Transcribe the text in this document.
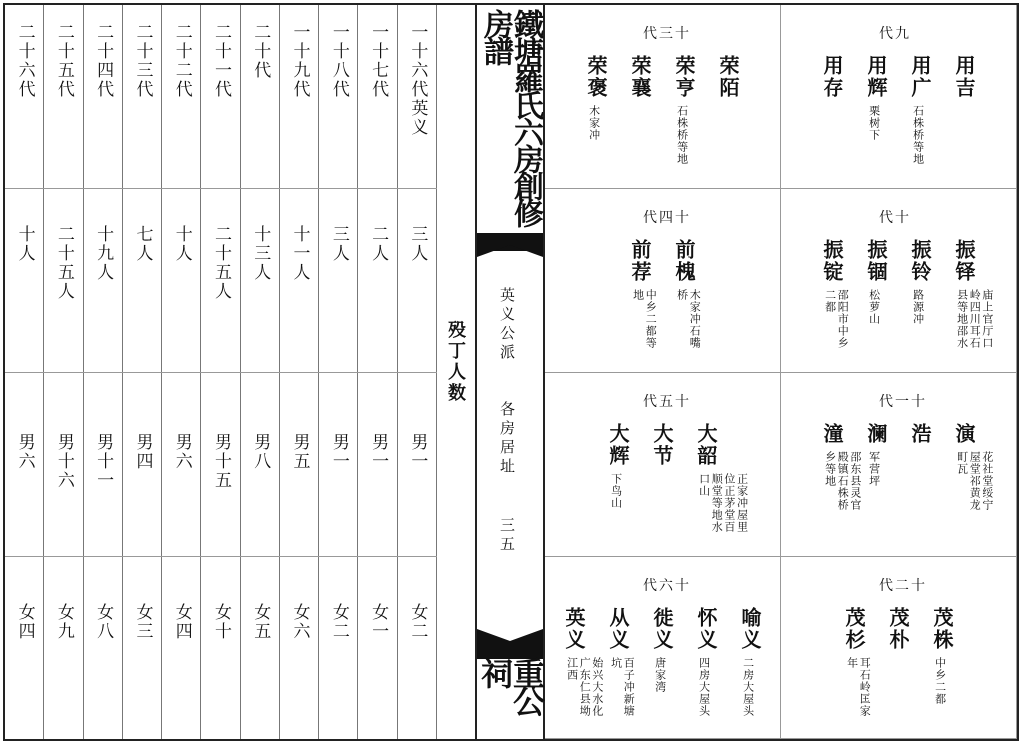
一十六代英义
三人
男一
女二
一十七代
二人
男一
女一
一十八代
三人
男一
女二
一十九代
十一人
男五
女六
二十代
十三人
男八
女五
二十一代
二十五人
男十五
女十
二十二代
十人
男六
女四
二十三代
七人
男四
女三
二十四代
十九人
男十一
女八
二十五代
二十五人
男十六
女九
二十六代
十人
男六
女四
殁丁人数
鐵塘羅氏六房創修房譜
英义公派
各房居址
三五
重公祠
代九
用吉
用广
石株桥等地
用辉
栗树下
用存
代三十
荣陌
荣亨
石株桥等地
荣襄
荣褒
木家冲
代十
振铎
庙上官厅口岭四川耳石县等地邵水
振铃
路源冲
振锢
松萝山
振锭
邵阳市中乡二都
代四十
前槐
木家冲石嘴桥
前荐
中乡二都等地
代一十
演
花社堂绥宁屋堂祁黄龙町瓦
浩
澜
军营坪
潼
邵东县灵官殿镇石株桥乡等地
代五十
大韶
正家冲屋里位正茅堂百顺堂等地水口山
大节
大辉
下鸟山
代二十
茂株
中乡二都
茂朴
茂杉
耳石岭匡家年
代六十
喻义
二房大屋头
怀义
四房大屋头
徙义
唐家湾
从义
百子冲新塘坑
英义
始兴大水化广东仁县坳江西
